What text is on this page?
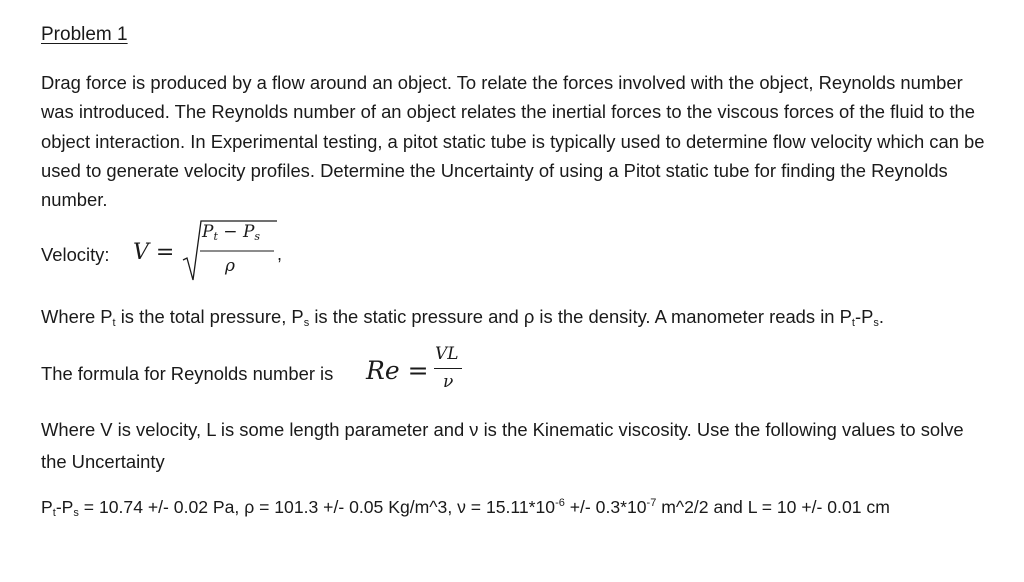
Problem 1

Drag force is produced by a flow around an object. To relate the forces involved with the object, Reynolds number was introduced. The Reynolds number of an object relates the inertial forces to the viscous forces of the fluid to the object interaction. In Experimental testing, a pitot static tube is typically used to determine flow velocity which can be used to generate velocity profiles. Determine the Uncertainty of using a Pitot static tube for finding the Reynolds number.

Velocity: V =
$P_t - P_s$
ρ
,
Where $P_t$ is the total pressure, $P_s$ is the static pressure and ρ is the density. A manometer reads in $P_t-P_s$.
The formula for Reynolds number is Re =
VL
ν

Where V is velocity, L is some length parameter and ν is the Kinematic viscosity. Use the following values to solve the Uncertainty

$P_t-P_s = 10.74$ +/- 0.02 Pa, ρ = 101.3 +/- 0.05 Kg/m^3, $\nu = 15.11*10^{-6}$ +/- $0.3*10^{-7}$ m^2/2 and L = 10 +/- 0.01 cm
